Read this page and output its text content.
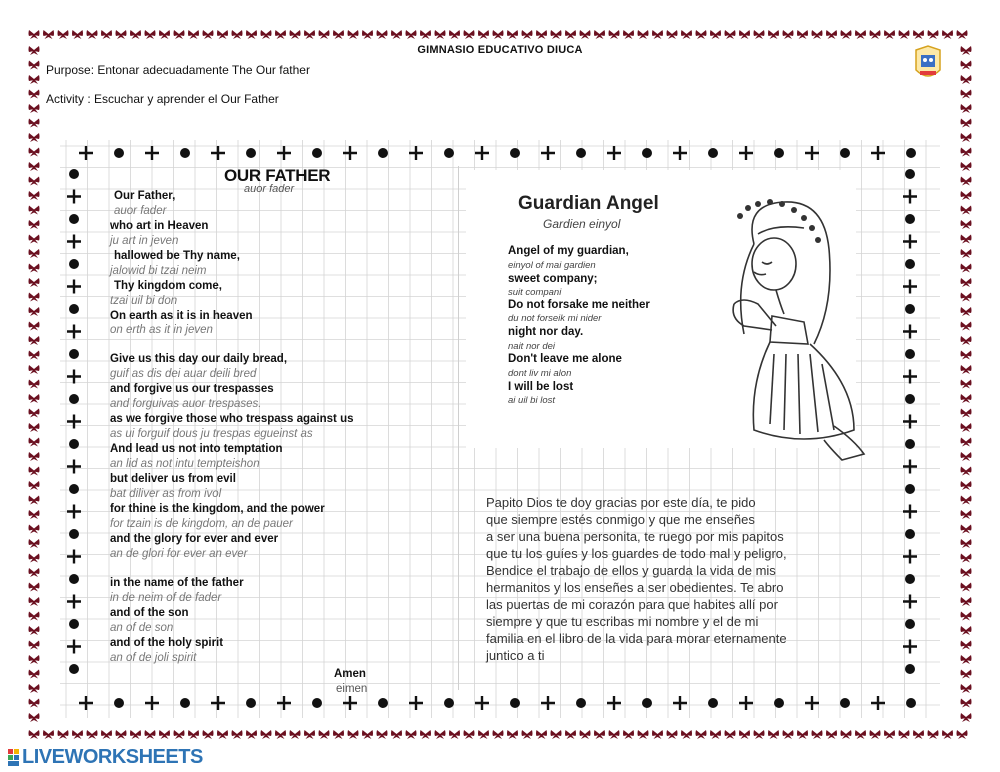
GIMNASIO EDUCATIVO DIUCA
Purpose: Entonar adecuadamente The Our father
Activity : Escuchar y aprender el Our Father
OUR FATHER
auor fader
Our Father,
auor fader
who art in Heaven
ju art in jeven
hallowed be Thy name,
jalowid bi tzai neim
Thy kingdom come,
tzai uil bi don
On earth as it is in heaven
on erth as it in jeven
Give us this day our daily bread,
guif as dis dei auar deili bred
and forgive us our trespasses
and forguivas auor trespases.
as we forgive those who trespass against us
as ui forguif dous ju trespas egueinst as
And lead us not into temptation
an lid as not intu tempteishon
but deliver us from evil
bat diliver as from ivol
for thine is the kingdom, and the power
for tzain is de kingdom, an de pauer
and the glory for ever and ever
an de glori for ever an ever
in the name of the father
in de neim of de fader
and of the son
an of de son
and of the holy spirit
an of de joli spirit
Amen
eimen
Guardian Angel
Gardien einyol
Angel of my guardian,
einyol of mai gardien
sweet company;
suit compani
Do not forsake me neither
du not forseik mi nider
night nor day.
nait nor dei
Don't leave me alone
dont liv mi alon
I will be lost
ai uil bi lost

Papito Dios te doy gracias por este día, te pido
que siempre estés conmigo y que me enseñes
a ser una buena personita, te ruego por mis papitos
que tu los guíes y los guardes de todo mal y peligro,
Bendice el trabajo de ellos y guarda la vida de mis
hermanitos y los enseñes a ser obedientes. Te abro
las puertas de mi corazón para que habites allí por
siempre y que tu escribas mi nombre y el de mi
familia en el libro de la vida para morar eternamente
juntico a ti

LIVEWORKSHEETS
